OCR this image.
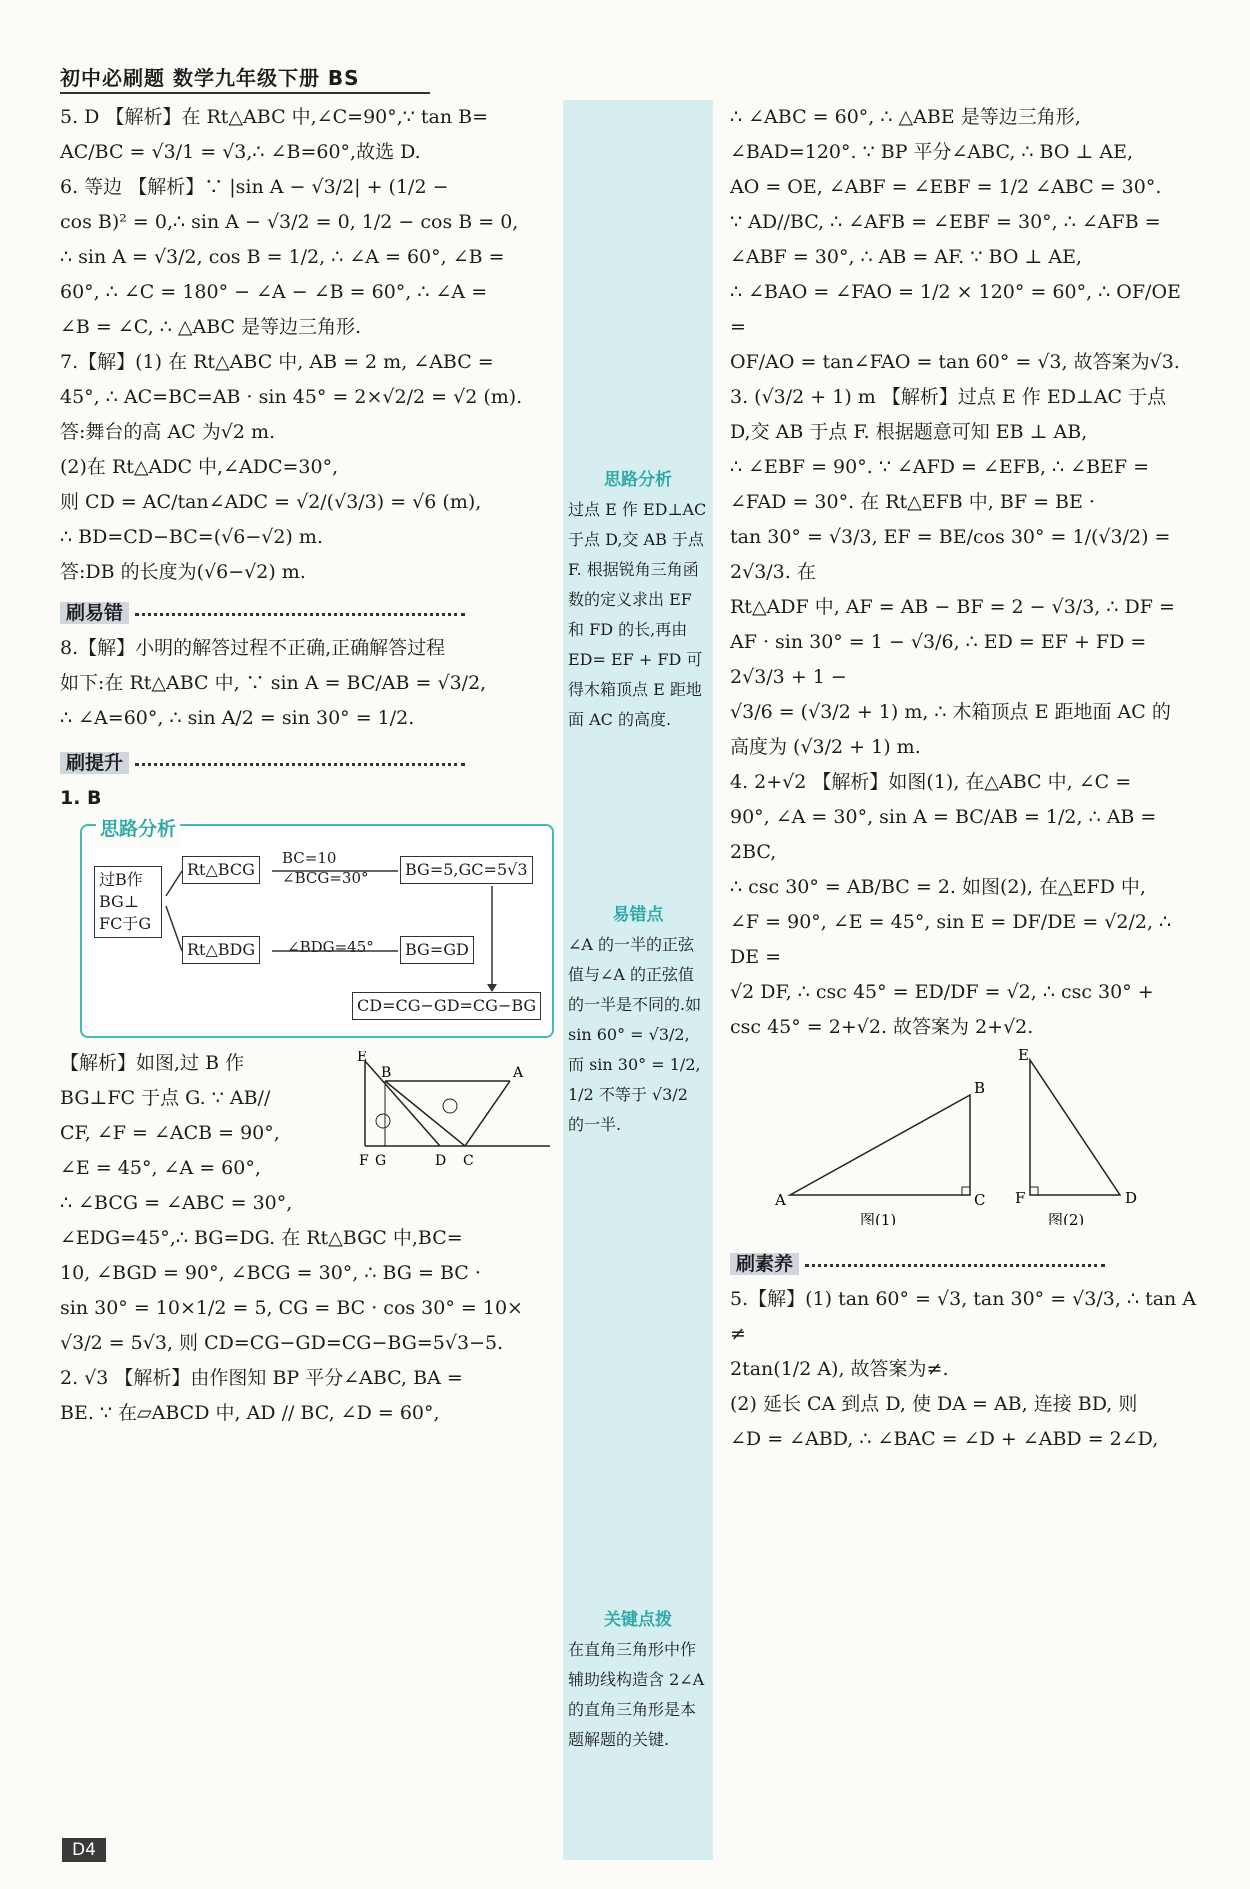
初中必刷题 数学九年级下册 BS

5. D 【解析】在 Rt△ABC 中,∠C=90°,∵ tan B=

AC/BC = √3/1 = √3,∴ ∠B=60°,故选 D.

6. 等边 【解析】∵ |sin A − √3/2| + (1/2 −

cos B)² = 0,∴ sin A − √3/2 = 0, 1/2 − cos B = 0,

∴ sin A = √3/2, cos B = 1/2, ∴ ∠A = 60°, ∠B =

60°, ∴ ∠C = 180° − ∠A − ∠B = 60°, ∴ ∠A =

∠B = ∠C, ∴ △ABC 是等边三角形.

7.【解】(1) 在 Rt△ABC 中, AB = 2 m, ∠ABC =

45°, ∴ AC=BC=AB · sin 45° = 2×√2/2 = √2 (m).

答:舞台的高 AC 为√2 m.

(2)在 Rt△ADC 中,∠ADC=30°,

则 CD = AC/tan∠ADC = √2/(√3/3) = √6 (m),

∴ BD=CD−BC=(√6−√2) m.

答:DB 的长度为(√6−√2) m.

刷易错

8.【解】小明的解答过程不正确,正确解答过程

如下:在 Rt△ABC 中, ∵ sin A = BC/AB = √3/2,

∴ ∠A=60°, ∴ sin A/2 = sin 30° = 1/2.

刷提升

1. B

思路分析
过B作 BG⊥ FC于G
Rt△BCG
BC=10 ∠BCG=30°	BG=5,GC=5√3
Rt△BDG	∠BDG=45°	BG=GD
CD=CG−GD=CG−BG

【解析】如图,过 B 作

BG⊥FC 于点 G. ∵ AB//

CF, ∠F = ∠ACB = 90°,

∠E = 45°, ∠A = 60°,

∴ ∠BCG = ∠ABC = 30°,

E
B	A
F G	D C

∠EDG=45°,∴ BG=DG. 在 Rt△BGC 中,BC=

10, ∠BGD = 90°, ∠BCG = 30°, ∴ BG = BC ·

sin 30° = 10×1/2 = 5, CG = BC · cos 30° = 10×

√3/2 = 5√3, 则 CD=CG−GD=CG−BG=5√3−5.

2. √3 【解析】由作图知 BP 平分∠ABC, BA =

BE. ∵ 在▱ABCD 中, AD // BC, ∠D = 60°,

思路分析
过点 E 作 ED⊥AC 于点 D,交 AB 于点 F. 根据锐角三角函数的定义求出 EF 和 FD 的长,再由 ED= EF + FD 可得木箱顶点 E 距地面 AC 的高度.
易错点
∠A 的一半的正弦值与∠A 的正弦值的一半是不同的.如 sin 60° = √3/2, 而 sin 30° = 1/2, 1/2 不等于 √3/2 的一半.
关键点拨
在直角三角形中作辅助线构造含 2∠A 的直角三角形是本题解题的关键.

∴ ∠ABC = 60°, ∴ △ABE 是等边三角形,

∠BAD=120°. ∵ BP 平分∠ABC, ∴ BO ⊥ AE,

AO = OE, ∠ABF = ∠EBF = 1/2 ∠ABC = 30°.

∵ AD//BC, ∴ ∠AFB = ∠EBF = 30°, ∴ ∠AFB =

∠ABF = 30°, ∴ AB = AF. ∵ BO ⊥ AE,

∴ ∠BAO = ∠FAO = 1/2 × 120° = 60°, ∴ OF/OE =

OF/AO = tan∠FAO = tan 60° = √3, 故答案为√3.

3. (√3/2 + 1) m 【解析】过点 E 作 ED⊥AC 于点

D,交 AB 于点 F. 根据题意可知 EB ⊥ AB,

∴ ∠EBF = 90°. ∵ ∠AFD = ∠EFB, ∴ ∠BEF =

∠FAD = 30°. 在 Rt△EFB 中, BF = BE ·

tan 30° = √3/3, EF = BE/cos 30° = 1/(√3/2) = 2√3/3. 在

Rt△ADF 中, AF = AB − BF = 2 − √3/3, ∴ DF =

AF · sin 30° = 1 − √3/6, ∴ ED = EF + FD = 2√3/3 + 1 −

√3/6 = (√3/2 + 1) m, ∴ 木箱顶点 E 距地面 AC 的

高度为 (√3/2 + 1) m.

4. 2+√2 【解析】如图(1), 在△ABC 中, ∠C =

90°, ∠A = 30°, sin A = BC/AB = 1/2, ∴ AB = 2BC,

∴ csc 30° = AB/BC = 2. 如图(2), 在△EFD 中,

∠F = 90°, ∠E = 45°, sin E = DF/DE = √2/2, ∴ DE =

√2 DF, ∴ csc 45° = ED/DF = √2, ∴ csc 30° +

csc 45° = 2+√2. 故答案为 2+√2.

B
A	C
图(1)
E
F	D
图(2)

刷素养

5.【解】(1) tan 60° = √3, tan 30° = √3/3, ∴ tan A ≠

2tan(1/2 A), 故答案为≠.

(2) 延长 CA 到点 D, 使 DA = AB, 连接 BD, 则

∠D = ∠ABD, ∴ ∠BAC = ∠D + ∠ABD = 2∠D,

D4
